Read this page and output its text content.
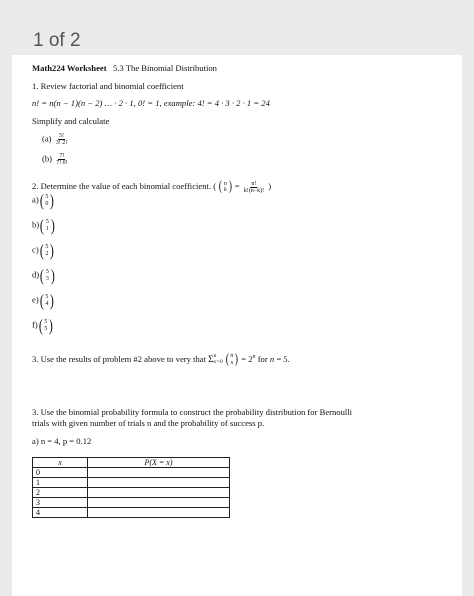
1 of 2
Math224 Worksheet 5.3 The Binomial Distribution
1. Review factorial and binomial coefficient
n! = n(n − 1)(n − 2) … · 2 · 1, 0! = 1, example: 4! = 4 · 3 · 2 · 1 = 24
Simplify and calculate
$(a) \frac{5!}{3! 2!}$
$(b) \frac{7!}{7! 0!}$
2. Determine the value of each binomial coefficient. ( ( n
k ) = $\frac{n!}{k!(n-k)!}$ )
a) ( 5
0 )
b) ( 5
1 )
c) ( 5
2 )
d) ( 5
3 )
e) ( 5
4 )
f) ( 5
5 )
3. Use the results of problem #2 above to very that Σ n
x=0
( n
x ) = $2^n$ for n = 5.
3. Use the binomial probability formula to construct the probability distribution for Bernoulli
trials with given number of trials n and the probability of success p.
a) n = 4, p = 0.12
x	P(X = x)
0	
1	
2	
3	
4	
